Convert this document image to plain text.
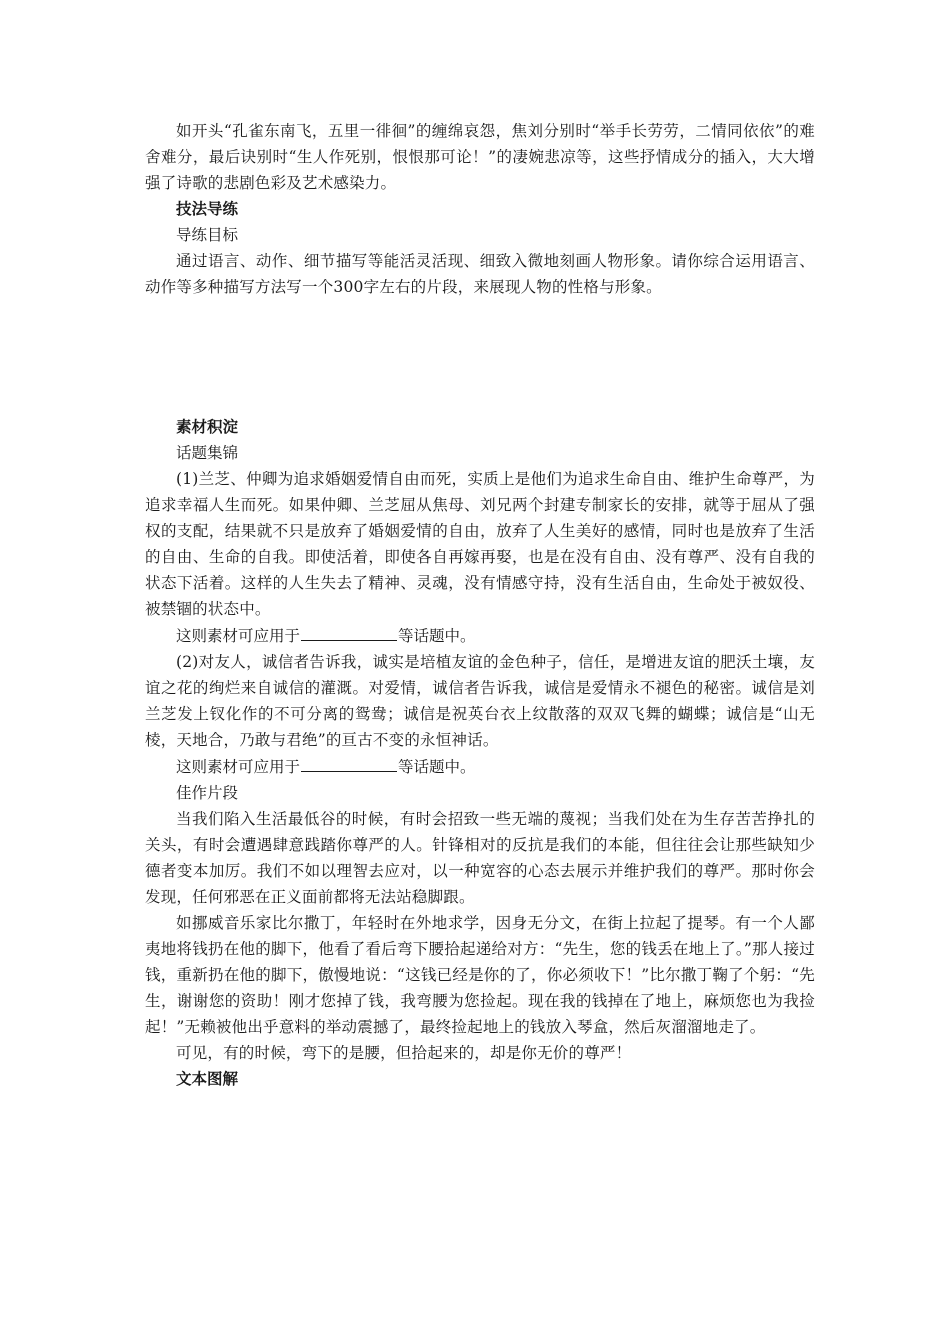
如开头“孔雀东南飞，五里一徘徊”的缠绵哀怨，焦刘分别时“举手长劳劳，二情同依依”的难舍难分，最后诀别时“生人作死别，恨恨那可论！”的凄婉悲凉等，这些抒情成分的插入，大大增强了诗歌的悲剧色彩及艺术感染力。

技法导练

导练目标

通过语言、动作、细节描写等能活灵活现、细致入微地刻画人物形象。请你综合运用语言、动作等多种描写方法写一个300字左右的片段，来展现人物的性格与形象。

素材积淀

话题集锦

(1)兰芝、仲卿为追求婚姻爱情自由而死，实质上是他们为追求生命自由、维护生命尊严，为追求幸福人生而死。如果仲卿、兰芝屈从焦母、刘兄两个封建专制家长的安排，就等于屈从了强权的支配，结果就不只是放弃了婚姻爱情的自由，放弃了人生美好的感情，同时也是放弃了生活的自由、生命的自我。即使活着，即使各自再嫁再娶，也是在没有自由、没有尊严、没有自我的状态下活着。这样的人生失去了精神、灵魂，没有情感守持，没有生活自由，生命处于被奴役、被禁锢的状态中。

这则素材可应用于	等话题中。

(2)对友人，诚信者告诉我，诚实是培植友谊的金色种子，信任，是增进友谊的肥沃土壤，友谊之花的绚烂来自诚信的灌溉。对爱情，诚信者告诉我，诚信是爱情永不褪色的秘密。诚信是刘兰芝发上钗化作的不可分离的鸳鸯；诚信是祝英台衣上纹散落的双双飞舞的蝴蝶；诚信是“山无棱，天地合，乃敢与君绝”的亘古不变的永恒神话。

这则素材可应用于	等话题中。

佳作片段

当我们陷入生活最低谷的时候，有时会招致一些无端的蔑视；当我们处在为生存苦苦挣扎的关头，有时会遭遇肆意践踏你尊严的人。针锋相对的反抗是我们的本能，但往往会让那些缺知少德者变本加厉。我们不如以理智去应对，以一种宽容的心态去展示并维护我们的尊严。那时你会发现，任何邪恶在正义面前都将无法站稳脚跟。

如挪威音乐家比尔撒丁，年轻时在外地求学，因身无分文，在街上拉起了提琴。有一个人鄙夷地将钱扔在他的脚下，他看了看后弯下腰拾起递给对方：“先生，您的钱丢在地上了。”那人接过钱，重新扔在他的脚下，傲慢地说：“这钱已经是你的了，你必须收下！”比尔撒丁鞠了个躬：“先生，谢谢您的资助！刚才您掉了钱，我弯腰为您捡起。现在我的钱掉在了地上，麻烦您也为我捡起！”无赖被他出乎意料的举动震撼了，最终捡起地上的钱放入琴盒，然后灰溜溜地走了。

可见，有的时候，弯下的是腰，但拾起来的，却是你无价的尊严！

文本图解
